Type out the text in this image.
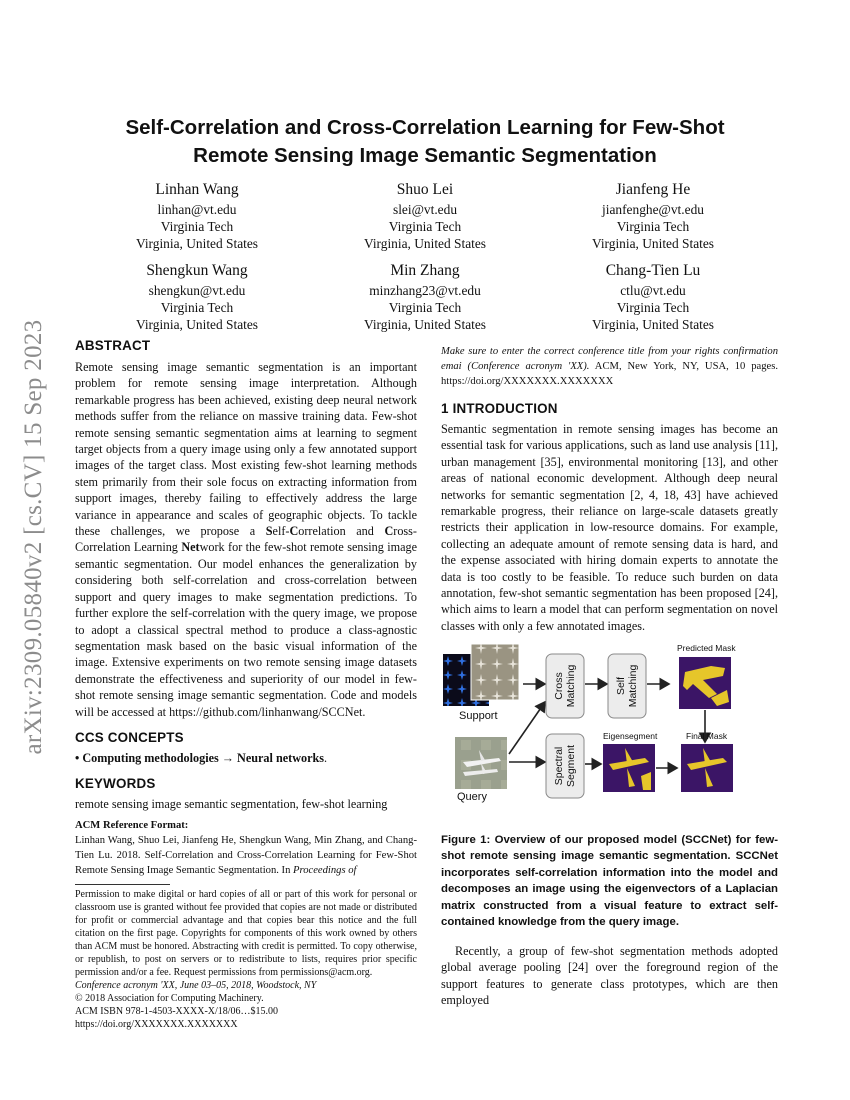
arXiv:2309.05840v2 [cs.CV] 15 Sep 2023
Self-Correlation and Cross-Correlation Learning for Few-Shot
Remote Sensing Image Semantic Segmentation
Linhan Wang
linhan@vt.edu
Virginia Tech
Virginia, United States
Shuo Lei
slei@vt.edu
Virginia Tech
Virginia, United States
Jianfeng He
jianfenghe@vt.edu
Virginia Tech
Virginia, United States
Shengkun Wang
shengkun@vt.edu
Virginia Tech
Virginia, United States
Min Zhang
minzhang23@vt.edu
Virginia Tech
Virginia, United States
Chang-Tien Lu
ctlu@vt.edu
Virginia Tech
Virginia, United States
ABSTRACT

Remote sensing image semantic segmentation is an important problem for remote sensing image interpretation. Although remarkable progress has been achieved, existing deep neural network methods suffer from the reliance on massive training data. Few-shot remote sensing semantic segmentation aims at learning to segment target objects from a query image using only a few annotated support images of the target class. Most existing few-shot learning methods stem primarily from their sole focus on extracting information from support images, thereby failing to effectively address the large variance in appearance and scales of geographic objects. To tackle these challenges, we propose a Self-Correlation and Cross-Correlation Learning Network for the few-shot remote sensing image semantic segmentation. Our model enhances the generalization by considering both self-correlation and cross-correlation between support and query images to make segmentation predictions. To further explore the self-correlation with the query image, we propose to adopt a classical spectral method to produce a class-agnostic segmentation mask based on the basic visual information of the image. Extensive experiments on two remote sensing image datasets demonstrate the effectiveness and superiority of our model in few-shot remote sensing image semantic segmentation. Code and models will be accessed at https://github.com/linhanwang/SCCNet.

CCS CONCEPTS

• Computing methodologies → Neural networks.

KEYWORDS

remote sensing image semantic segmentation, few-shot learning

ACM Reference Format:

Linhan Wang, Shuo Lei, Jianfeng He, Shengkun Wang, Min Zhang, and Chang-Tien Lu. 2018. Self-Correlation and Cross-Correlation Learning for Few-Shot Remote Sensing Image Semantic Segmentation. In Proceedings of

Permission to make digital or hard copies of all or part of this work for personal or classroom use is granted without fee provided that copies are not made or distributed for profit or commercial advantage and that copies bear this notice and the full citation on the first page. Copyrights for components of this work owned by others than ACM must be honored. Abstracting with credit is permitted. To copy otherwise, or republish, to post on servers or to redistribute to lists, requires prior specific permission and/or a fee. Request permissions from permissions@acm.org.

Conference acronym 'XX, June 03–05, 2018, Woodstock, NY
© 2018 Association for Computing Machinery.
ACM ISBN 978-1-4503-XXXX-X/18/06…$15.00
https://doi.org/XXXXXXX.XXXXXXX

Make sure to enter the correct conference title from your rights confirmation emai (Conference acronym 'XX). ACM, New York, NY, USA, 10 pages. https://doi.org/XXXXXXX.XXXXXXX

1 INTRODUCTION

Semantic segmentation in remote sensing images has become an essential task for various applications, such as land use analysis [11], urban management [35], environmental monitoring [13], and other areas of national economic development. Although deep neural networks for semantic segmentation [2, 4, 18, 43] have achieved remarkable progress, their reliance on large-scale datasets greatly restricts their application in low-resource domains. For example, collecting an adequate amount of remote sensing data is hard, and the expense associated with hiring domain experts to annotate the data is too costly to be feasible. To reduce such burden on data annotation, few-shot semantic segmentation has been proposed [24], which aims to learn a model that can perform segmentation on novel classes with only a few annotated images.

Support
Query
Cross Matching	Self Matching
Predicted Mask
Spectral Segment
Eigensegment	Final Mask
Figure 1: Overview of our proposed model (SCCNet) for few-shot remote sensing image semantic segmentation. SCCNet incorporates self-correlation information into the model and decomposes an image using the eigenvectors of a Laplacian matrix constructed from a visual feature to extract self-contained knowledge from the query image.

Recently, a group of few-shot segmentation methods adopted global average pooling [24] over the foreground region of the support features to generate class prototypes, which are then employed
